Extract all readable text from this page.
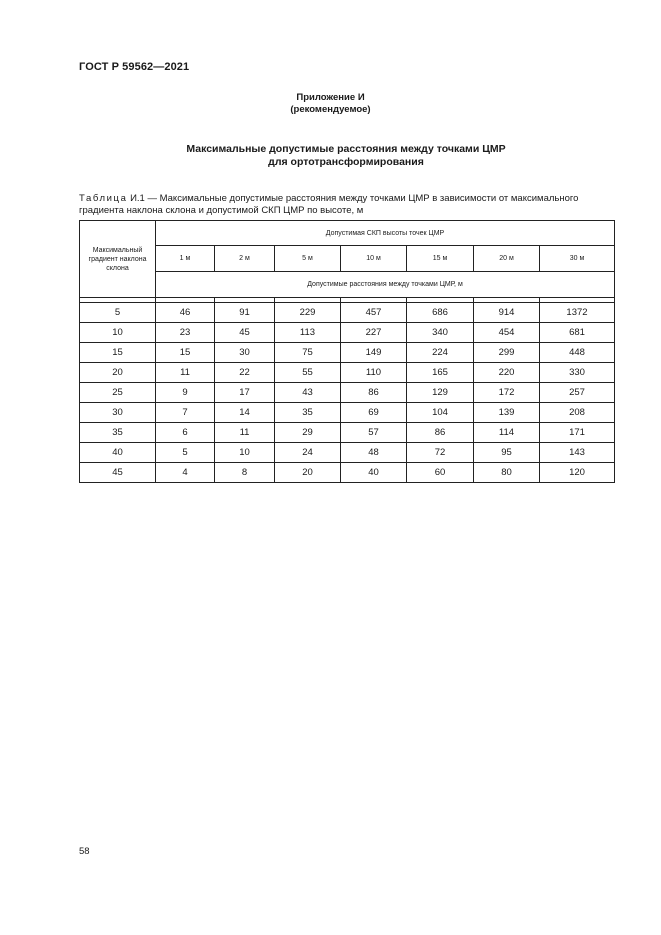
ГОСТ Р 59562—2021
Приложение И
(рекомендуемое)
Максимальные допустимые расстояния между точками ЦМР
для ортотрансформирования
Таблица И.1 — Максимальные допустимые расстояния между точками ЦМР в зависимости от максимального градиента наклона склона и допустимой СКП ЦМР по высоте, м
Максимальный градиент наклона склона	Допустимая СКП высоты точек ЦМР						
	1 м	2 м	5 м	10 м	15 м	20 м	30 м
	Допустимые расстояния между точками ЦМР, м						

5	46	91	229	457	686	914	1372
10	23	45	113	227	340	454	681
15	15	30	75	149	224	299	448
20	11	22	55	110	165	220	330
25	9	17	43	86	129	172	257
30	7	14	35	69	104	139	208
35	6	11	29	57	86	114	171
40	5	10	24	48	72	95	143
45	4	8	20	40	60	80	120
58
